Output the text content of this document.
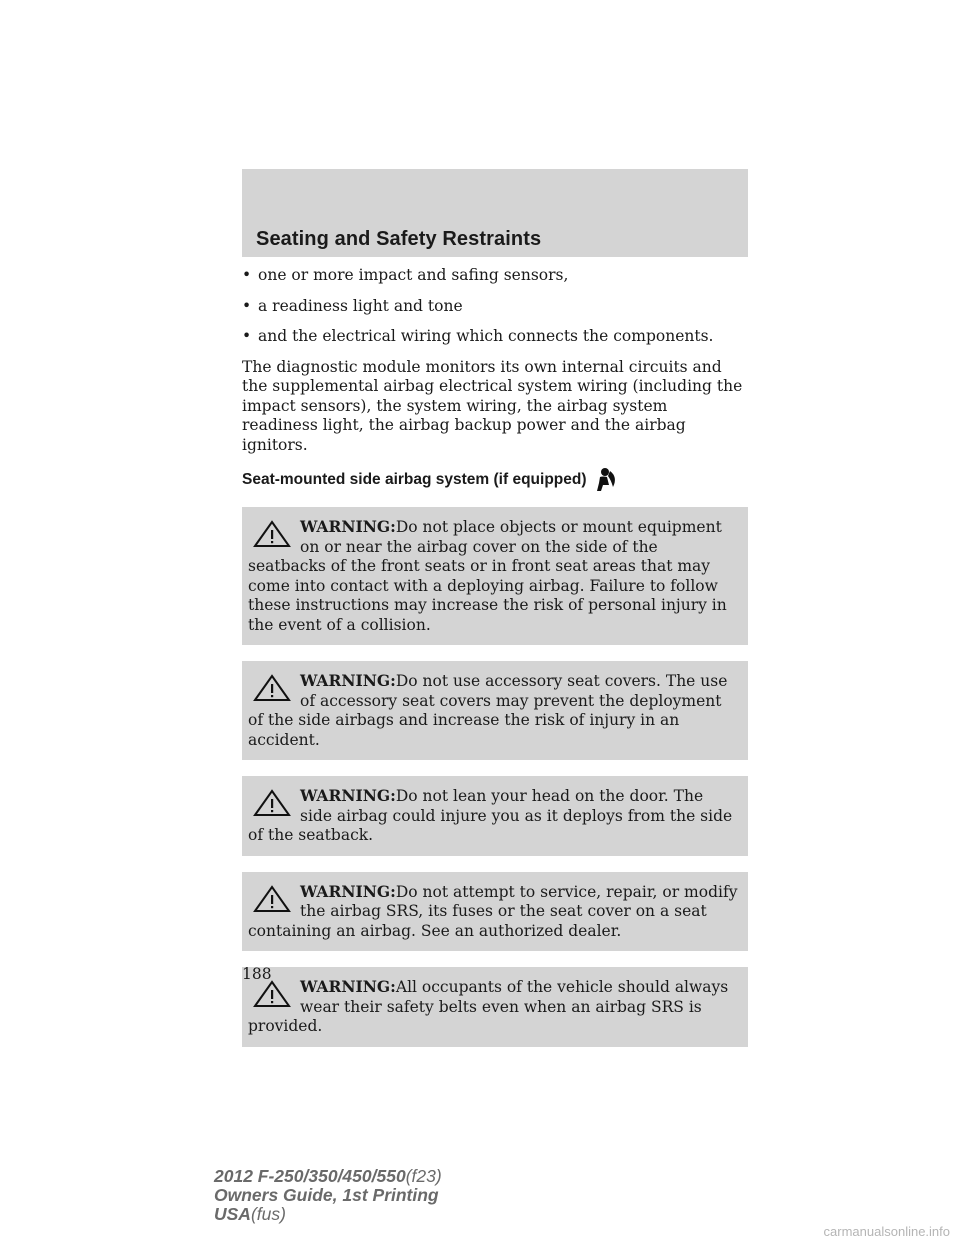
Seating and Safety Restraints
• one or more impact and safing sensors,
• a readiness light and tone
• and the electrical wiring which connects the components.

The diagnostic module monitors its own internal circuits and the supplemental airbag electrical system wiring (including the impact sensors), the system wiring, the airbag system readiness light, the airbag backup power and the airbag ignitors.

Seat-mounted side airbag system (if equipped)
WARNING:Do not place objects or mount equipment on or near the airbag cover on the side of the seatbacks of the front seats or in front seat areas that may come into contact with a deploying airbag. Failure to follow these instructions may increase the risk of personal injury in the event of a collision.
WARNING:Do not use accessory seat covers. The use of accessory seat covers may prevent the deployment of the side airbags and increase the risk of injury in an accident.
WARNING:Do not lean your head on the door. The side airbag could injure you as it deploys from the side of the seatback.
WARNING:Do not attempt to service, repair, or modify the airbag SRS, its fuses or the seat cover on a seat containing an airbag. See an authorized dealer.
WARNING:All occupants of the vehicle should always wear their safety belts even when an airbag SRS is provided.
188
2012 F-250/350/450/550(f23)
Owners Guide, 1st Printing
USA(fus)
carmanualsonline.info
